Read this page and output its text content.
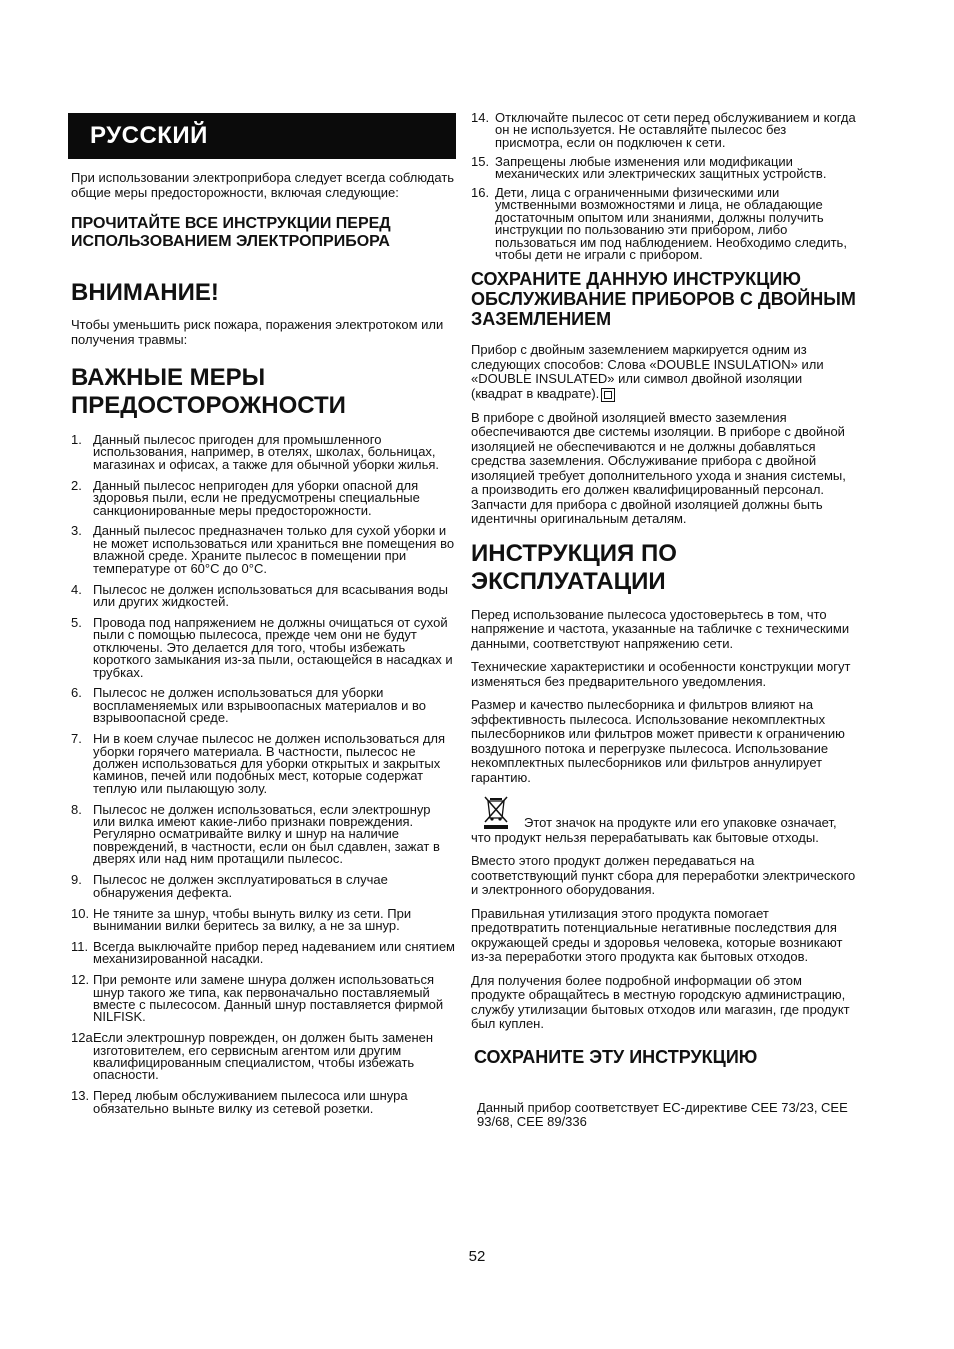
РУССКИЙ

При использовании электроприбора следует всегда соблюдать общие меры предосторожности, включая следующие:

ПРОЧИТАЙТЕ ВСЕ ИНСТРУКЦИИ ПЕРЕД ИСПОЛЬЗОВАНИЕМ ЭЛЕКТРОПРИБОРА
ВНИМАНИЕ!

Чтобы уменьшить риск пожара, поражения электротоком или получения травмы:

ВАЖНЫЕ МЕРЫ ПРЕДОСТОРОЖНОСТИ
1. Данный пылесос пригоден для промышленного использования, например, в отелях, школах, больницах, магазинах и офисах, а также для обычной уборки жилья.
2. Данный пылесос непригоден для уборки опасной для здоровья пыли, если не предусмотрены специальные санкционированные меры предосторожности.
3. Данный пылесос предназначен только для сухой уборки и не может использоваться или храниться вне помещения во влажной среде. Храните пылесос в помещении при температуре от 60°C до 0°C.
4. Пылесос не должен использоваться для всасывания воды или других жидкостей.
5. Провода под напряжением не должны очищаться от сухой пыли с помощью пылесоса, прежде чем они не будут отключены. Это делается для того, чтобы избежать короткого замыкания из-за пыли, остающейся в насадках и трубках.
6. Пылесос не должен использоваться для уборки воспламеняемых или взрывоопасных материалов и во взрывоопасной среде.
7. Ни в коем случае пылесос не должен использоваться для уборки горячего материала. В частности, пылесос не должен использоваться для уборки открытых и закрытых каминов, печей или подобных мест, которые содержат теплую или пылающую золу.
8. Пылесос не должен использоваться, если электрошнур или вилка имеют какие-либо признаки повреждения. Регулярно осматривайте вилку и шнур на наличие повреждений, в частности, если он был сдавлен, зажат в дверях или над ним протащили пылесос.
9. Пылесос не должен эксплуатироваться в случае обнаружения дефекта.
10. Не тяните за шнур, чтобы вынуть вилку из сети. При вынимании вилки беритесь за вилку, а не за шнур.
11. Всегда выключайте прибор перед надеванием или снятием механизированной насадки.
12. При ремонте или замене шнура должен использоваться шнур такого же типа, как первоначально поставляемый вместе с пылесосом. Данный шнур поставляется фирмой NILFISK.
12a.
Если электрошнур поврежден, он должен быть заменен изготовителем, его сервисным агентом или другим квалифицированным специалистом, чтобы избежать опасности.
13. Перед любым обслуживанием пылесоса или шнура обязательно выньте вилку из сетевой розетки.
14. Отключайте пылесос от сети перед обслуживанием и когда он не используется. Не оставляйте пылесос без присмотра, если он подключен к сети.
15. Запрещены любые изменения или модификации механических или электрических защитных устройств.
16. Дети, лица с ограниченными физическими или умственными возможностями и лица, не обладающие достаточным опытом или знаниями, должны получить инструкции по пользованию эти прибором, либо пользоваться им под наблюдением. Необходимо следить, чтобы дети не играли с прибором.
СОХРАНИТЕ ДАННУЮ ИНСТРУКЦИЮ ОБСЛУЖИВАНИЕ ПРИБОРОВ С ДВОЙНЫМ ЗАЗЕМЛЕНИЕМ

Прибор с двойным заземлением маркируется одним из следующих способов: Слова «DOUBLE INSULATION» или «DOUBLE INSULATED» или символ двойной изоляции (квадрат в квадрате).

В приборе с двойной изоляцией вместо заземления обеспечиваются две системы изоляции. В приборе с двойной изоляцией не обеспечиваются и не должны добавляться средства заземления. Обслуживание прибора с двойной изоляцией требует дополнительного ухода и знания системы, а производить его должен квалифицированный персонал. Запчасти для прибора с двойной изоляцией должны быть идентичны оригинальным деталям.

ИНСТРУКЦИЯ ПО ЭКСПЛУАТАЦИИ

Перед использование пылесоса удостоверьтесь в том, что напряжение и частота, указанные на табличке с техническими данными, соответствуют напряжению сети.

Технические характеристики и особенности конструкции могут изменяться без предварительного уведомления.

Размер и качество пылесборника и фильтров влияют на эффективность пылесоса. Использование некомплектных пылесборников или фильтров может привести к ограничению воздушного потока и перегрузке пылесоса. Использование некомплектных пылесборников или фильтров аннулирует гарантию.

Этот значок на продукте или его упаковке означает, что продукт нельзя перерабатывать как бытовые отходы.

Вместо этого продукт должен передаваться на соответствующий пункт сбора для переработки электрического и электронного оборудования.

Правильная утилизация этого продукта помогает предотвратить потенциальные негативные последствия для окружающей среды и здоровья человека, которые возникают из-за переработки этого продукта как бытовых отходов.

Для получения более подробной информации об этом продукте обращайтесь в местную городскую администрацию, службу утилизации бытовых отходов или магазин, где продукт был куплен.

СОХРАНИТЕ ЭТУ ИНСТРУКЦИЮ

Данный прибор соответствует EC-директиве CEE 73/23, CEE 93/68, CEE 89/336

52
